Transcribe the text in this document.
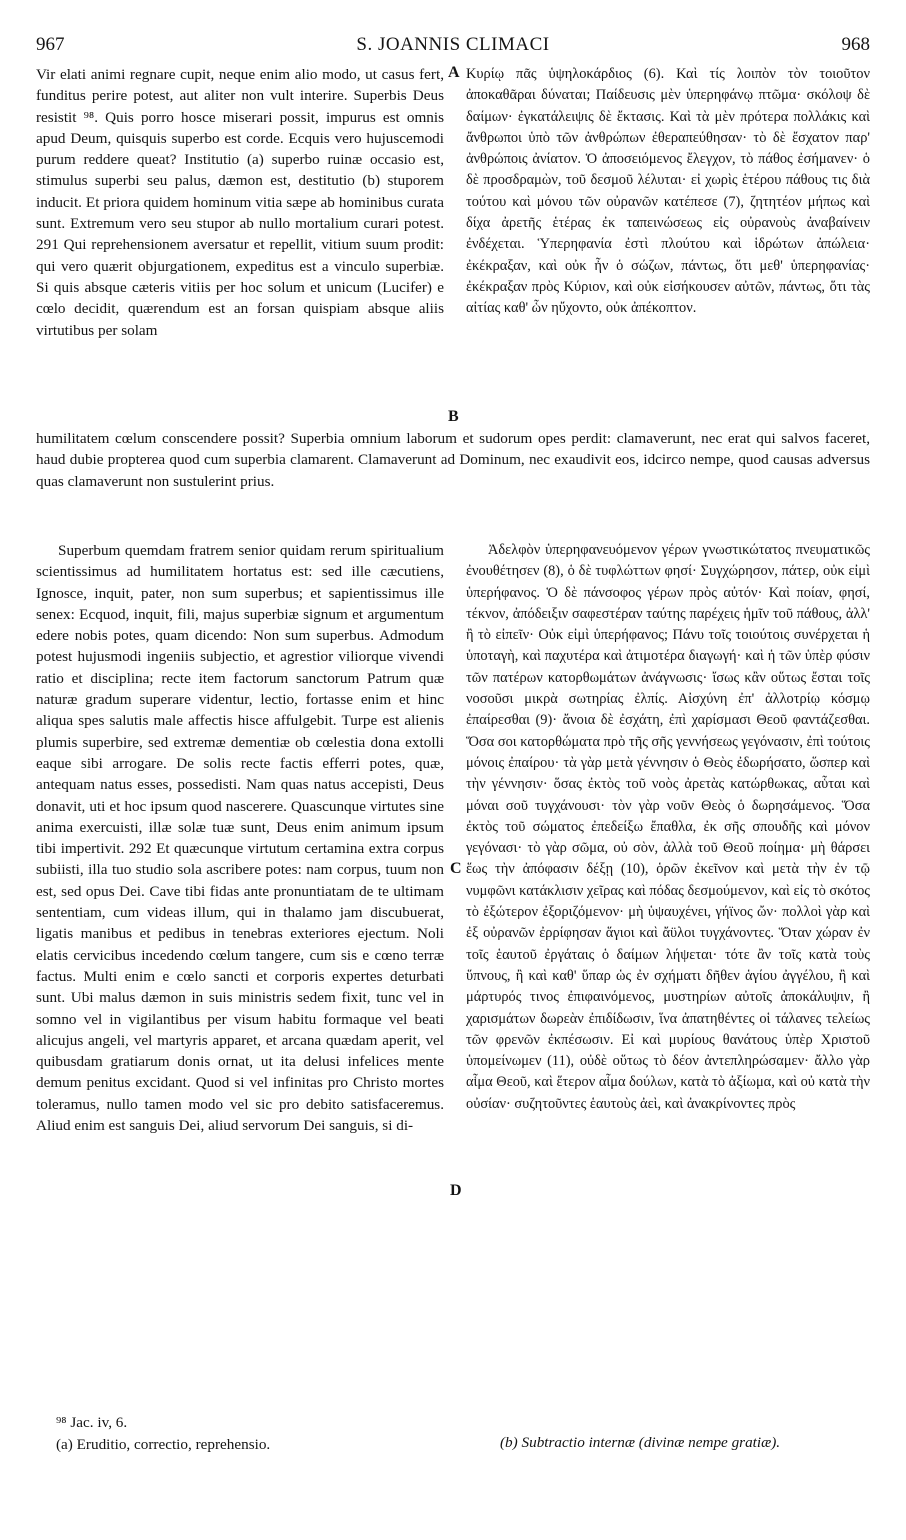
967	S. JOANNIS CLIMACI	968
A
B
C
D

Vir elati animi regnare cupit, neque enim alio modo, ut casus fert, funditus perire potest, aut aliter non vult interire. Superbis Deus resistit ⁹⁸. Quis porro hosce miserari possit, impurus est omnis apud Deum, quisquis superbo est corde. Ecquis vero hujuscemodi purum reddere queat? Institutio (a) superbo ruinæ occasio est, stimulus superbi seu palus, dæmon est, destitutio (b) stuporem inducit. Et priora quidem hominum vitia sæpe ab hominibus curata sunt. Extremum vero seu stupor ab nullo mortalium curari potest. 291 Qui reprehensionem aversatur et repellit, vitium suum prodit: qui vero quærit objurgationem, expeditus est a vinculo superbiæ. Si quis absque cæteris vitiis per hoc solum et unicum (Lucifer) e cœlo decidit, quærendum est an forsan quispiam absque aliis virtutibus per solam

Κυρίῳ πᾶς ὑψηλοκάρδιος (6). Καὶ τίς λοιπὸν τὸν τοιοῦτον ἀποκαθᾶραι δύναται; Παίδευσις μὲν ὑπερηφάνῳ πτῶμα· σκόλοψ δὲ δαίμων· ἐγκατάλειψις δὲ ἔκτασις. Καὶ τὰ μὲν πρότερα πολλάκις καὶ ἄνθρωποι ὑπὸ τῶν ἀνθρώπων ἐθεραπεύθησαν· τὸ δὲ ἔσχατον παρ' ἀνθρώποις ἀνίατον. Ὁ ἀποσειόμενος ἔλεγχον, τὸ πάθος ἐσήμανεν· ὁ δὲ προσδραμὼν, τοῦ δεσμοῦ λέλυται· εἰ χωρὶς ἑτέρου πάθους τις διὰ τούτου καὶ μόνου τῶν οὐρανῶν κατέπεσε (7), ζητητέον μήπως καὶ δίχα ἀρετῆς ἑτέρας ἐκ ταπεινώσεως εἰς οὐρανοὺς ἀναβαίνειν ἐνδέχεται. Ὑπερηφανία ἐστὶ πλούτου καὶ ἱδρώτων ἀπώλεια· ἐκέκραξαν, καὶ οὐκ ἦν ὁ σώζων, πάντως, ὅτι μεθ' ὑπερηφανίας· ἐκέκραξαν πρὸς Κύριον, καὶ οὐκ εἰσήκουσεν αὐτῶν, πάντως, ὅτι τὰς αἰτίας καθ' ὧν ηὔχοντο, οὐκ ἀπέκοπτον.

humilitatem cœlum conscendere possit? Superbia omnium laborum et sudorum opes perdit: clamaverunt, nec erat qui salvos faceret, haud dubie propterea quod cum superbia clamarent. Clamaverunt ad Dominum, nec exaudivit eos, idcirco nempe, quod causas adversus quas clamaverunt non sustulerint prius.

Superbum quemdam fratrem senior quidam rerum spiritualium scientissimus ad humilitatem hortatus est: sed ille cæcutiens, Ignosce, inquit, pater, non sum superbus; et sapientissimus ille senex: Ecquod, inquit, fili, majus superbiæ signum et argumentum edere nobis potes, quam dicendo: Non sum superbus. Admodum potest hujusmodi ingeniis subjectio, et agrestior viliorque vivendi ratio et disciplina; recte item factorum sanctorum Patrum quæ naturæ gradum superare videntur, lectio, fortasse enim et hinc aliqua spes salutis male affectis hisce affulgebit. Turpe est alienis plumis superbire, sed extremæ dementiæ ob cœlestia dona extolli eaque sibi arrogare. De solis recte factis efferri potes, quæ, antequam natus esses, possedisti. Nam quas natus accepisti, Deus donavit, uti et hoc ipsum quod nascerere. Quascunque virtutes sine anima exercuisti, illæ solæ tuæ sunt, Deus enim animum ipsum tibi impertivit. 292 Et quæcunque virtutum certamina extra corpus subiisti, illa tuo studio sola ascribere potes: nam corpus, tuum non est, sed opus Dei. Cave tibi fidas ante pronuntiatam de te ultimam sententiam, cum videas illum, qui in thalamo jam discubuerat, ligatis manibus et pedibus in tenebras exteriores ejectum. Noli elatis cervicibus incedendo cœlum tangere, cum sis e cœno terræ factus. Multi enim e cœlo sancti et corporis expertes deturbati sunt. Ubi malus dæmon in suis ministris sedem fixit, tunc vel in somno vel in vigilantibus per visum habitu formaque vel beati alicujus angeli, vel martyris apparet, et arcana quædam aperit, vel quibusdam gratiarum donis ornat, ut ita delusi infelices mente demum penitus excidant. Quod si vel infinitas pro Christo mortes toleramus, nullo tamen modo vel sic pro debito satisfaceremus. Aliud enim est sanguis Dei, aliud servorum Dei sanguis, si di-

Ἀδελφὸν ὑπερηφανευόμενον γέρων γνωστικώτατος πνευματικῶς ἐνουθέτησεν (8), ὁ δὲ τυφλώττων φησί· Συγχώρησον, πάτερ, οὐκ εἰμὶ ὑπερήφανος. Ὁ δὲ πάνσοφος γέρων πρὸς αὐτόν· Καὶ ποίαν, φησί, τέκνον, ἀπόδειξιν σαφεστέραν ταύτης παρέχεις ἡμῖν τοῦ πάθους, ἀλλ' ἢ τὸ εἰπεῖν· Οὐκ εἰμὶ ὑπερήφανος; Πάνυ τοῖς τοιούτοις συνέρχεται ἡ ὑποταγὴ, καὶ παχυτέρα καὶ ἀτιμοτέρα διαγωγή· καὶ ἡ τῶν ὑπὲρ φύσιν τῶν πατέρων κατορθωμάτων ἀνάγνωσις· ἴσως κἂν οὕτως ἔσται τοῖς νοσοῦσι μικρὰ σωτηρίας ἐλπίς. Αἰσχύνη ἐπ' ἀλλοτρίῳ κόσμῳ ἐπαίρεσθαι (9)· ἄνοια δὲ ἐσχάτη, ἐπὶ χαρίσμασι Θεοῦ φαντάζεσθαι. Ὅσα σοι κατορθώματα πρὸ τῆς σῆς γεννήσεως γεγόνασιν, ἐπὶ τούτοις μόνοις ἐπαίρου· τὰ γὰρ μετὰ γέννησιν ὁ Θεὸς ἐδωρήσατο, ὥσπερ καὶ τὴν γέννησιν· ὅσας ἐκτὸς τοῦ νοὸς ἀρετὰς κατώρθωκας, αὗται καὶ μόναι σοῦ τυγχάνουσι· τὸν γὰρ νοῦν Θεὸς ὁ δωρησάμενος. Ὅσα ἐκτὸς τοῦ σώματος ἐπεδείξω ἔπαθλα, ἐκ σῆς σπουδῆς καὶ μόνον γεγόνασι· τὸ γὰρ σῶμα, οὐ σὸν, ἀλλὰ τοῦ Θεοῦ ποίημα· μὴ θάρσει ἕως τὴν ἀπόφασιν δέξῃ (10), ὁρῶν ἐκεῖνον καὶ μετὰ τὴν ἐν τῷ νυμφῶνι κατάκλισιν χεῖρας καὶ πόδας δεσμούμενον, καὶ εἰς τὸ σκότος τὸ ἐξώτερον ἐξοριζόμενον· μὴ ὑψαυχένει, γήϊνος ὤν· πολλοὶ γὰρ καὶ ἐξ οὐρανῶν ἐρρίφησαν ἅγιοι καὶ ἄϋλοι τυγχάνοντες. Ὅταν χώραν ἐν τοῖς ἑαυτοῦ ἐργάταις ὁ δαίμων λήψεται· τότε ἂν τοῖς κατὰ τοὺς ὕπνους, ἢ καὶ καθ' ὕπαρ ὡς ἐν σχήματι δῆθεν ἁγίου ἀγγέλου, ἢ καὶ μάρτυρός τινος ἐπιφαινόμενος, μυστηρίων αὐτοῖς ἀποκάλυψιν, ἢ χαρισμάτων δωρεὰν ἐπιδίδωσιν, ἵνα ἀπατηθέντες οἱ τάλανες τελείως τῶν φρενῶν ἐκπέσωσιν. Εἰ καὶ μυρίους θανάτους ὑπὲρ Χριστοῦ ὑπομείνωμεν (11), οὐδὲ οὕτως τὸ δέον ἀντεπληρώσαμεν· ἄλλο γὰρ αἷμα Θεοῦ, καὶ ἕτερον αἷμα δούλων, κατὰ τὸ ἀξίωμα, καὶ οὐ κατὰ τὴν οὐσίαν· συζητοῦντες ἑαυτοὺς ἀεὶ, καὶ ἀνακρίνοντες πρὸς

⁹⁸ Jac. iv, 6.
(a) Eruditio, correctio, reprehensio.	(b) Subtractio internæ (divinæ nempe gratiæ).
